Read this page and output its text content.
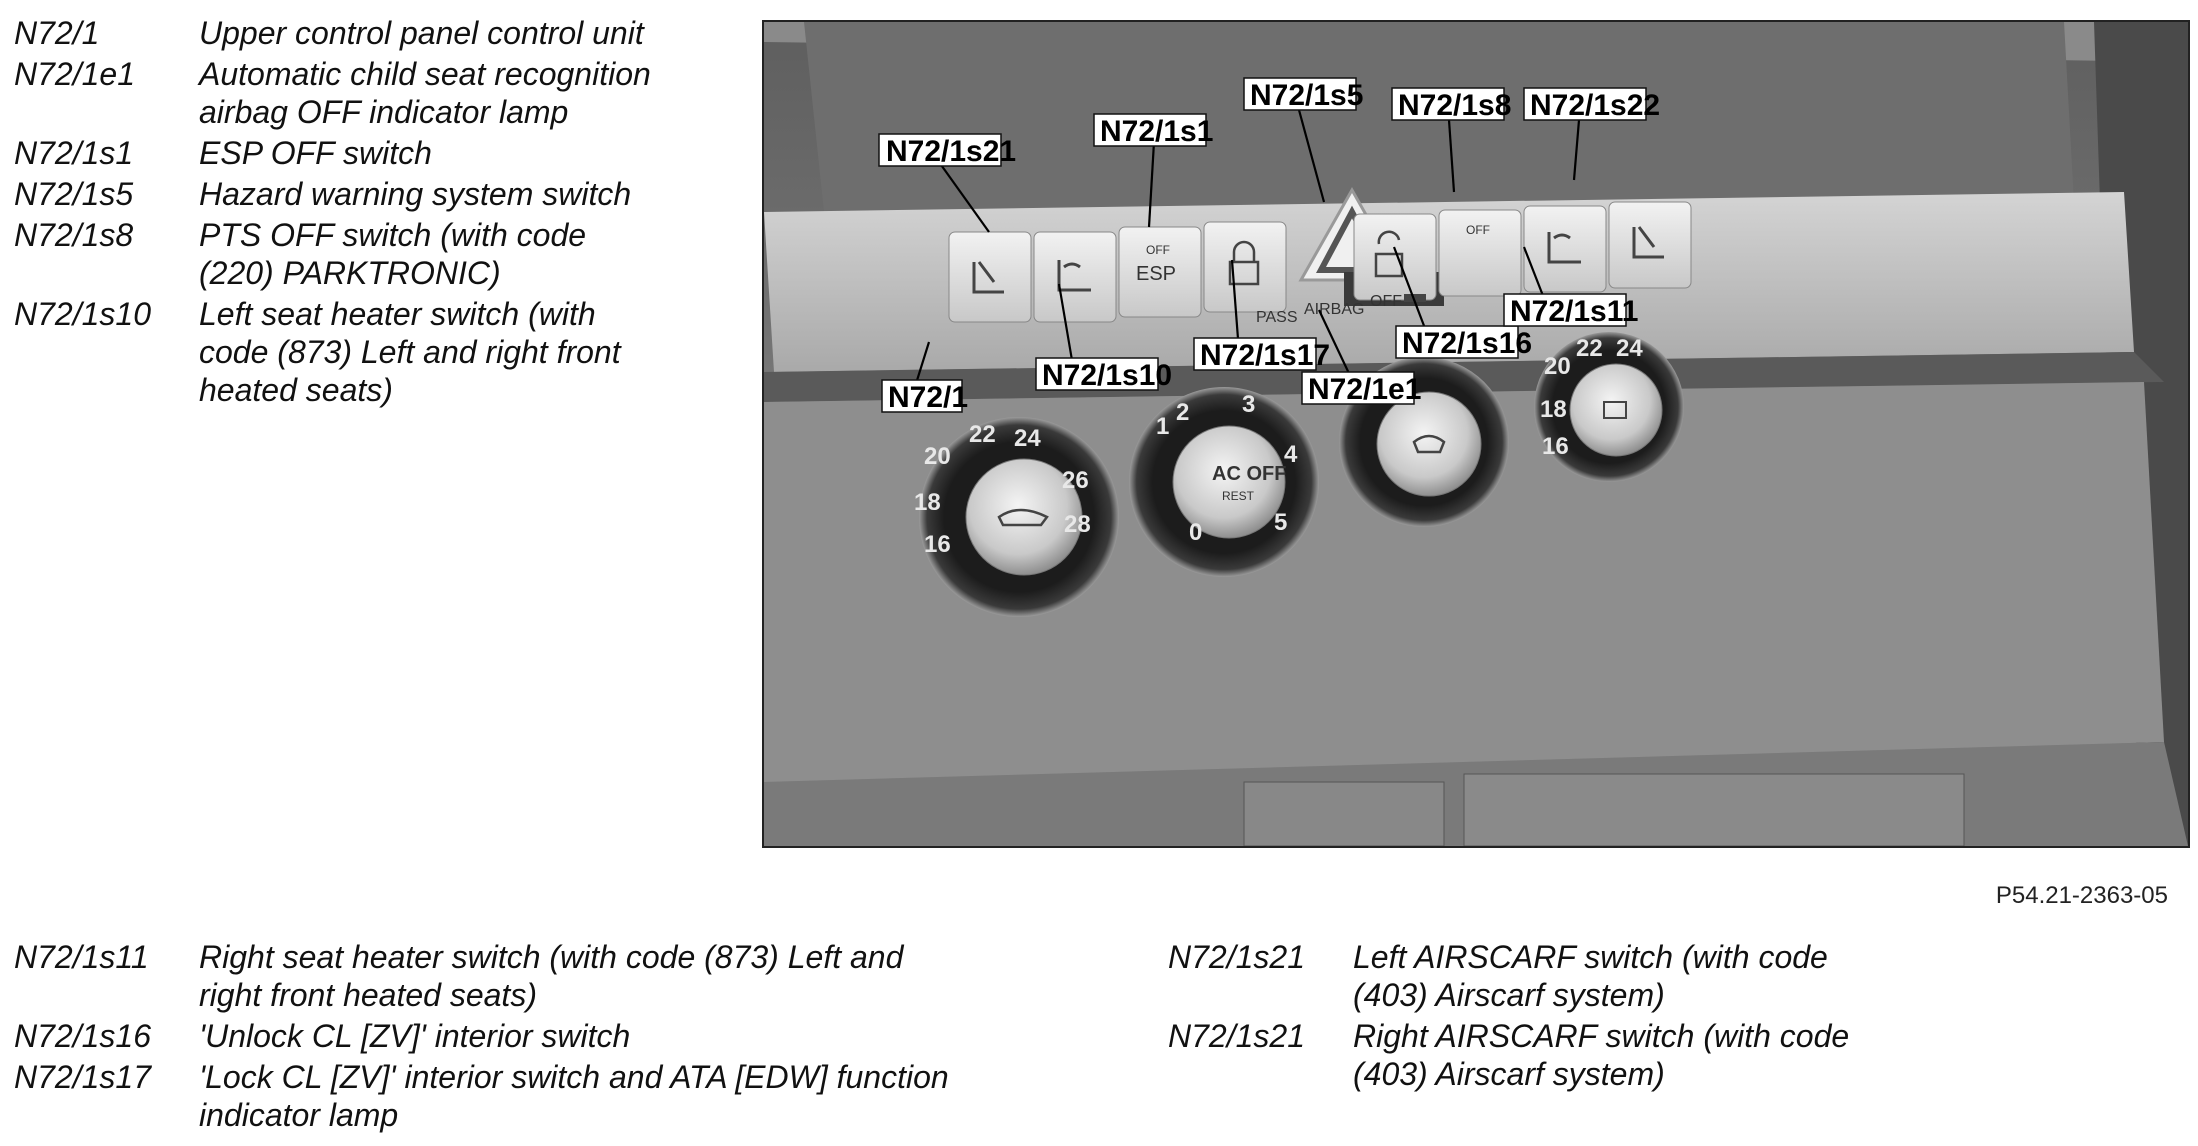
N72/1	Upper control panel control unit
N72/1e1	Automatic child seat recognition airbag OFF indicator lamp
N72/1s1	ESP OFF switch
N72/1s5	Hazard warning system switch
N72/1s8	PTS OFF switch (with code (220) PARKTRONIC)
N72/1s10	Left seat heater switch (with code (873) Left and right front heated seats)
OFF
ESP
OFF
PASS AIRBAG OFF
22 24
20
26
18
28
16
2 3
4
5
0
1
AC OFF
REST
22 24
20
18
16
N72/1s21
N72/1s1
N72/1s5 N72/1s8 N72/1s22
N72/1s10
N72/1s17 N72/1s16
N72/1s11
N72/1	N72/1e1
P54.21-2363-05
N72/1s11	Right seat heater switch (with code (873) Left and right front heated seats)
N72/1s16	'Unlock CL [ZV]' interior switch
N72/1s17	'Lock CL [ZV]' interior switch and ATA [EDW] function indicator lamp
N72/1s21	Left AIRSCARF switch (with code (403) Airscarf system)
N72/1s21	Right AIRSCARF switch (with code (403) Airscarf system)
